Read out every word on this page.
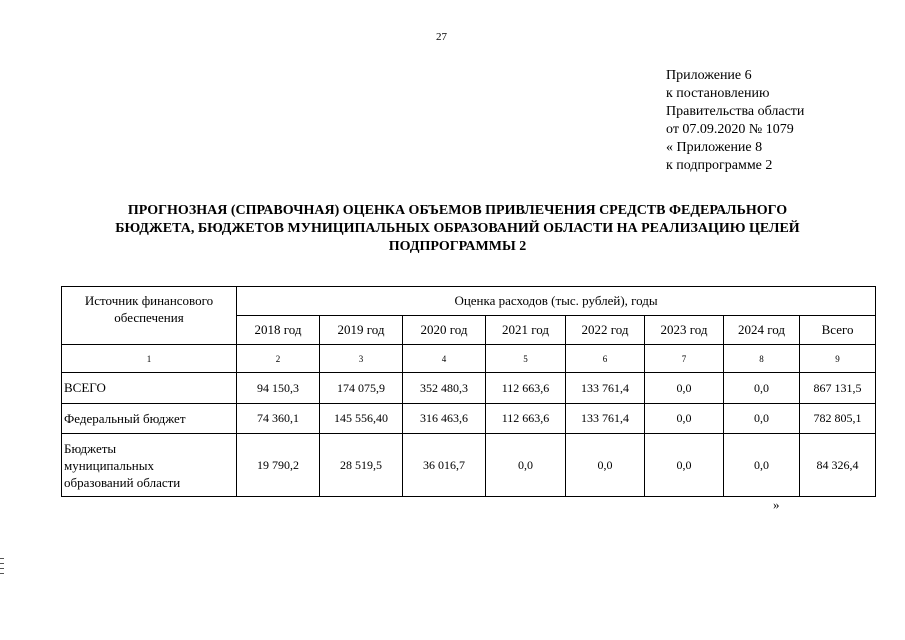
27
Приложение 6
к постановлению
Правительства области
от 07.09.2020 № 1079
« Приложение 8
к подпрограмме 2
ПРОГНОЗНАЯ (СПРАВОЧНАЯ) ОЦЕНКА ОБЪЕМОВ ПРИВЛЕЧЕНИЯ СРЕДСТВ ФЕДЕРАЛЬНОГО
БЮДЖЕТА, БЮДЖЕТОВ МУНИЦИПАЛЬНЫХ ОБРАЗОВАНИЙ ОБЛАСТИ НА РЕАЛИЗАЦИЮ ЦЕЛЕЙ
ПОДПРОГРАММЫ 2
Источник финансового
обеспечения	Оценка расходов (тыс. рублей), годы							
	2018 год	2019 год	2020 год	2021 год	2022 год	2023 год	2024 год	Всего
1	2	3	4	5	6	7	8	9
ВСЕГО	94 150,3	174 075,9	352 480,3	112 663,6	133 761,4	0,0	0,0	867 131,5
Федеральный бюджет	74 360,1	145 556,40	316 463,6	112 663,6	133 761,4	0,0	0,0	782 805,1

Бюджеты
муниципальных
образований области	19 790,2	28 519,5	36 016,7	0,0	0,0	0,0	0,0	84 326,4
»
